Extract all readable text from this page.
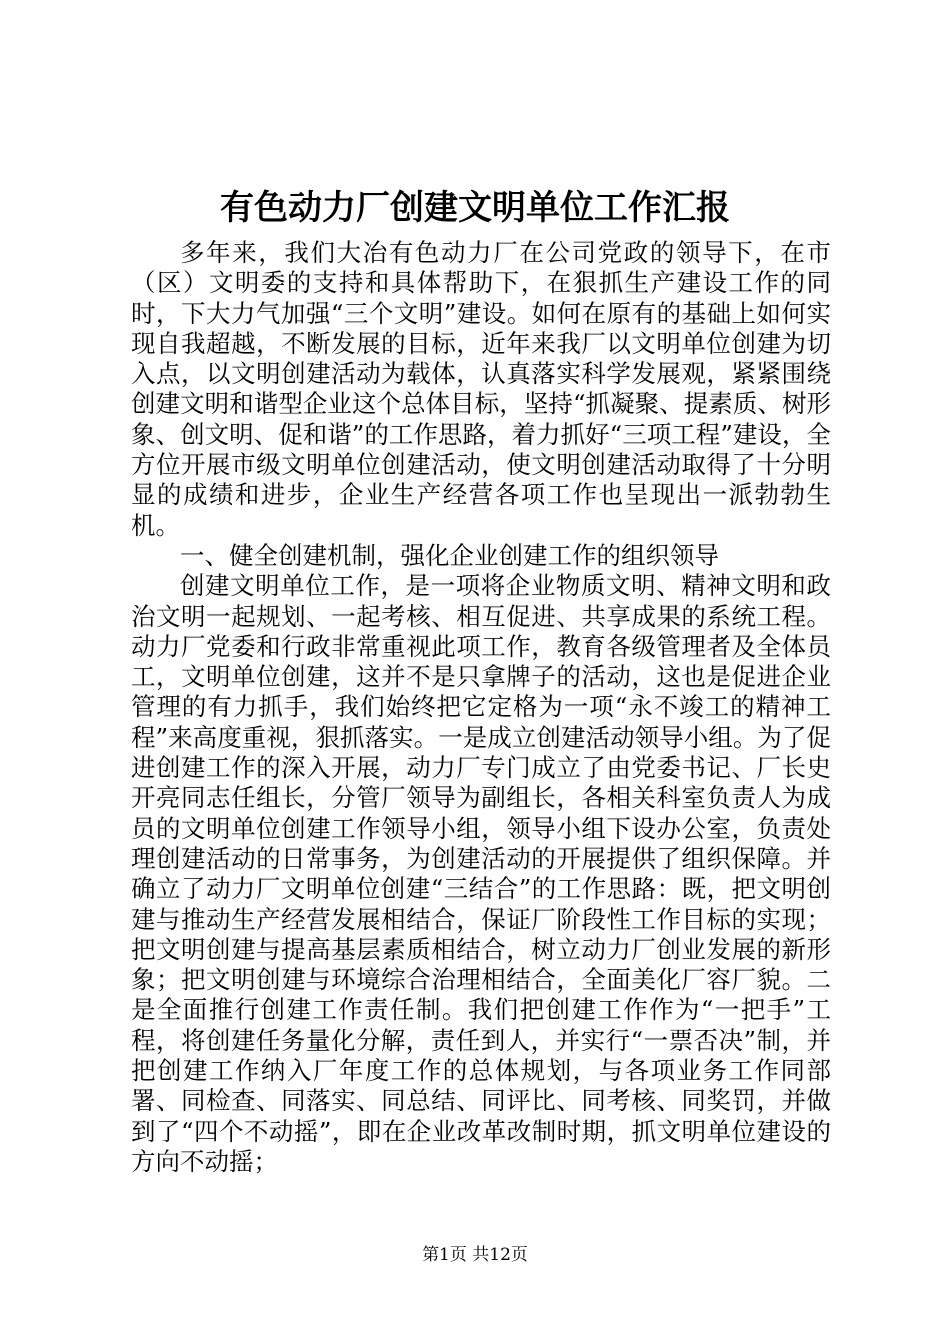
有色动力厂创建文明单位工作汇报

多年来，我们大冶有色动力厂在公司党政的领导下，在市（区）文明委的支持和具体帮助下，在狠抓生产建设工作的同时，下大力气加强“三个文明”建设。如何在原有的基础上如何实现自我超越，不断发展的目标，近年来我厂以文明单位创建为切入点，以文明创建活动为载体，认真落实科学发展观，紧紧围绕创建文明和谐型企业这个总体目标，坚持“抓凝聚、提素质、树形象、创文明、促和谐”的工作思路，着力抓好“三项工程”建设，全方位开展市级文明单位创建活动，使文明创建活动取得了十分明显的成绩和进步，企业生产经营各项工作也呈现出一派勃勃生机。

一、健全创建机制，强化企业创建工作的组织领导

创建文明单位工作，是一项将企业物质文明、精神文明和政治文明一起规划、一起考核、相互促进、共享成果的系统工程。动力厂党委和行政非常重视此项工作，教育各级管理者及全体员工，文明单位创建，这并不是只拿牌子的活动，这也是促进企业管理的有力抓手，我们始终把它定格为一项“永不竣工的精神工程”来高度重视，狠抓落实。一是成立创建活动领导小组。为了促进创建工作的深入开展，动力厂专门成立了由党委书记、厂长史开亮同志任组长，分管厂领导为副组长，各相关科室负责人为成员的文明单位创建工作领导小组，领导小组下设办公室，负责处理创建活动的日常事务，为创建活动的开展提供了组织保障。并确立了动力厂文明单位创建“三结合”的工作思路：既，把文明创建与推动生产经营发展相结合，保证厂阶段性工作目标的实现；把文明创建与提高基层素质相结合，树立动力厂创业发展的新形象；把文明创建与环境综合治理相结合，全面美化厂容厂貌。二是全面推行创建工作责任制。我们把创建工作作为“一把手”工程，将创建任务量化分解，责任到人，并实行“一票否决”制，并把创建工作纳入厂年度工作的总体规划，与各项业务工作同部署、同检查、同落实、同总结、同评比、同考核、同奖罚，并做到了“四个不动摇”，即在企业改革改制时期，抓文明单位建设的方向不动摇；

第1页 共12页
